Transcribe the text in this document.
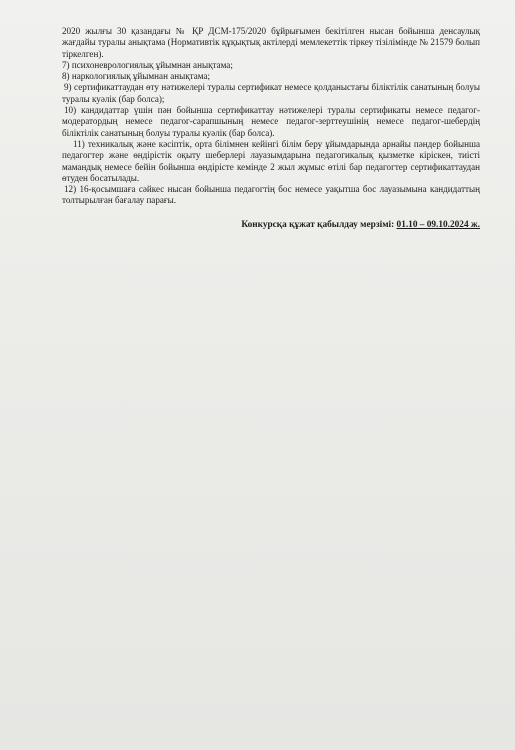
2020 жылғы 30 қазандағы № ҚР ДСМ-175/2020 бұйрығымен бекітілген нысан бойынша денсаулық жағдайы туралы анықтама (Нормативтік құқықтық актілерді мемлекеттік тіркеу тізілімінде № 21579 болып тіркелген).

7) психоневрологиялық ұйымнан анықтама;

8) наркологиялық ұйымнан анықтама;

9) сертификаттаудан өту нәтижелері туралы сертификат немесе қолданыстағы біліктілік санатының болуы туралы куәлік (бар болса);

10) кандидаттар үшін пән бойынша сертификаттау нәтижелері туралы сертификаты немесе педагог-модератордың немесе педагог-сарапшының немесе педагог-зерттеушінің немесе педагог-шебердің біліктілік санатының болуы туралы куәлік (бар болса).

11) техникалық және кәсіптік, орта білімнен кейінгі білім беру ұйымдарында арнайы пәндер бойынша педагогтер және өндірістік оқыту шеберлері лауазымдарына педагогикалық қызметке кіріскен, тиісті мамандық немесе бейін бойынша өндірісте кемінде 2 жыл жұмыс өтілі бар педагогтер сертификаттаудан өтуден босатылады.

12) 16-қосымшаға сәйкес нысан бойынша педагогтің бос немесе уақытша бос лауазымына кандидаттың толтырылған бағалау парағы.

Конкурсқа құжат қабылдау мерзімі: 01.10 – 09.10.2024 ж.
